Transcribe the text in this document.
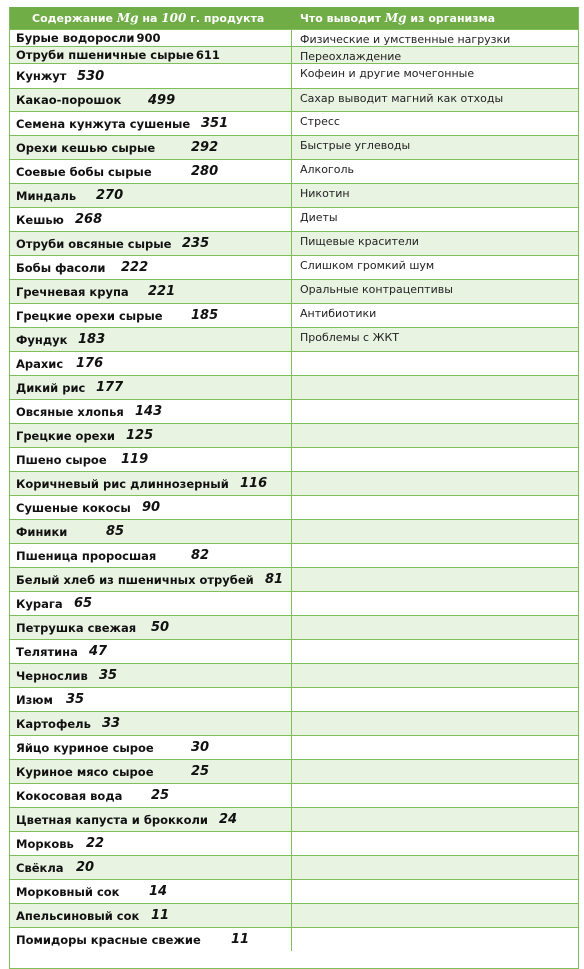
Содержание Mg на 100 г. продукта	Что выводит Mg из организма
Бурые водоросли 900	Физические и умственные нагрузки
Отруби пшеничные сырые 611	Переохлаждение
Кунжут 530	Кофеин и другие мочегонные
Какао-порошок 499	Сахар выводит магний как отходы
Семена кунжута сушеные 351	Стресс
Орехи кешью сырые	292	Быстрые углеводы
Соевые бобы сырые	280	Алкоголь
Миндаль 270	Никотин
Кешью 268	Диеты
Отруби овсяные сырые 235	Пищевые красители
Бобы фасоли 222	Слишком громкий шум
Гречневая крупа 221	Оральные контрацептивы
Грецкие орехи сырые 185	Антибиотики
Фундук 183	Проблемы с ЖКТ
Арахис 176
Дикий рис 177
Овсяные хлопья 143
Грецкие орехи 125
Пшено сырое 119
Коричневый рис длиннозерный 116
Сушеные кокосы 90
Финики	85
Пшеница проросшая	82
Белый хлеб из пшеничных отрубей 81
Курага 65
Петрушка свежая 50
Телятина 47
Чернослив 35
Изюм 35
Картофель 33
Яйцо куриное сырое	30
Куриное мясо сырое	25
Кокосовая вода 25
Цветная капуста и брокколи 24
Морковь 22
Свёкла 20
Морковный сок 14
Апельсиновый сок 11
Помидоры красные свежие 11
